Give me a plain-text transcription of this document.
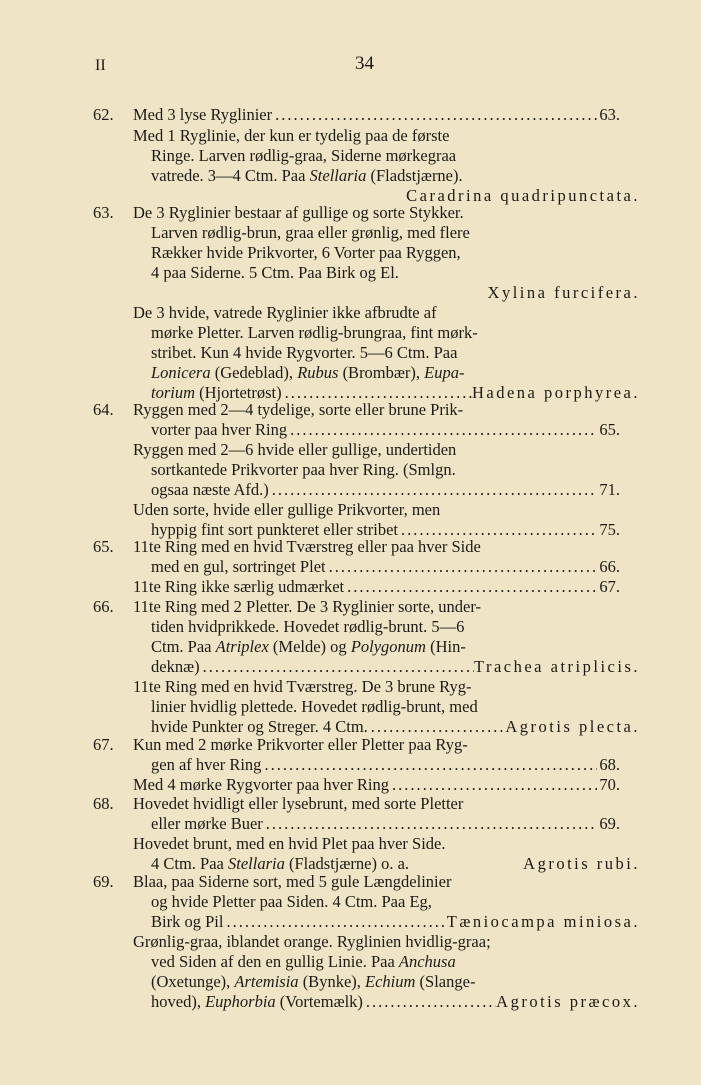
II	34
62. Med 3 lyse Ryglinier .....	63.
Med 1 Ryglinie, der kun er tydelig paa de første
Ringe. Larven rødlig-graa, Siderne mørkegraa
vatrede. 3—4 Ctm. Paa Stellaria (Fladstjærne).
Caradrina quadripunctata.
63. De 3 Ryglinier bestaar af gullige og sorte Stykker.
Larven rødlig-brun, graa eller grønlig, med flere
Rækker hvide Prikvorter, 6 Vorter paa Ryggen,
4 paa Siderne. 5 Ctm. Paa Birk og El.
Xylina furcifera.
De 3 hvide, vatrede Ryglinier ikke afbrudte af
mørke Pletter. Larven rødlig-brungraa, fint mørk-
stribet. Kun 4 hvide Rygvorter. 5—6 Ctm. Paa
Lonicera (Gedeblad), Rubus (Brombær), Eupa-
torium (Hjortetrøst) .....	Hadena porphyrea.
64. Ryggen med 2—4 tydelige, sorte eller brune Prik-
vorter paa hver Ring .....	65.
Ryggen med 2—6 hvide eller gullige, undertiden
sortkantede Prikvorter paa hver Ring. (Smlgn.
ogsaa næste Afd.) .....	71.
Uden sorte, hvide eller gullige Prikvorter, men
hyppig fint sort punkteret eller stribet .....	75.
65. 11te Ring med en hvid Tværstreg eller paa hver Side
med en gul, sortringet Plet .....	66.
11te Ring ikke særlig udmærket .....	67.
66. 11te Ring med 2 Pletter. De 3 Ryglinier sorte, under-
tiden hvidprikkede. Hovedet rødlig-brunt. 5—6
Ctm. Paa Atriplex (Melde) og Polygonum (Hin-
deknæ) .....	Trachea atriplicis.
11te Ring med en hvid Tværstreg. De 3 brune Ryg-
linier hvidlig plettede. Hovedet rødlig-brunt, med
hvide Punkter og Streger. 4 Ctm. .....	Agrotis plecta.
67. Kun med 2 mørke Prikvorter eller Pletter paa Ryg-
gen af hver Ring .....	68.
Med 4 mørke Rygvorter paa hver Ring .....	70.
68. Hovedet hvidligt eller lysebrunt, med sorte Pletter
eller mørke Buer .....	69.
Hovedet brunt, med en hvid Plet paa hver Side.
4 Ctm. Paa Stellaria (Fladstjærne) o. a.	Agrotis rubi.
69. Blaa, paa Siderne sort, med 5 gule Længdelinier
og hvide Pletter paa Siden. 4 Ctm. Paa Eg,
Birk og Pil .....	Tæniocampa miniosa.
Grønlig-graa, iblandet orange. Ryglinien hvidlig-graa;
ved Siden af den en gullig Linie. Paa Anchusa
(Oxetunge), Artemisia (Bynke), Echium (Slange-
hoved), Euphorbia (Vortemælk) .....	Agrotis præcox.
